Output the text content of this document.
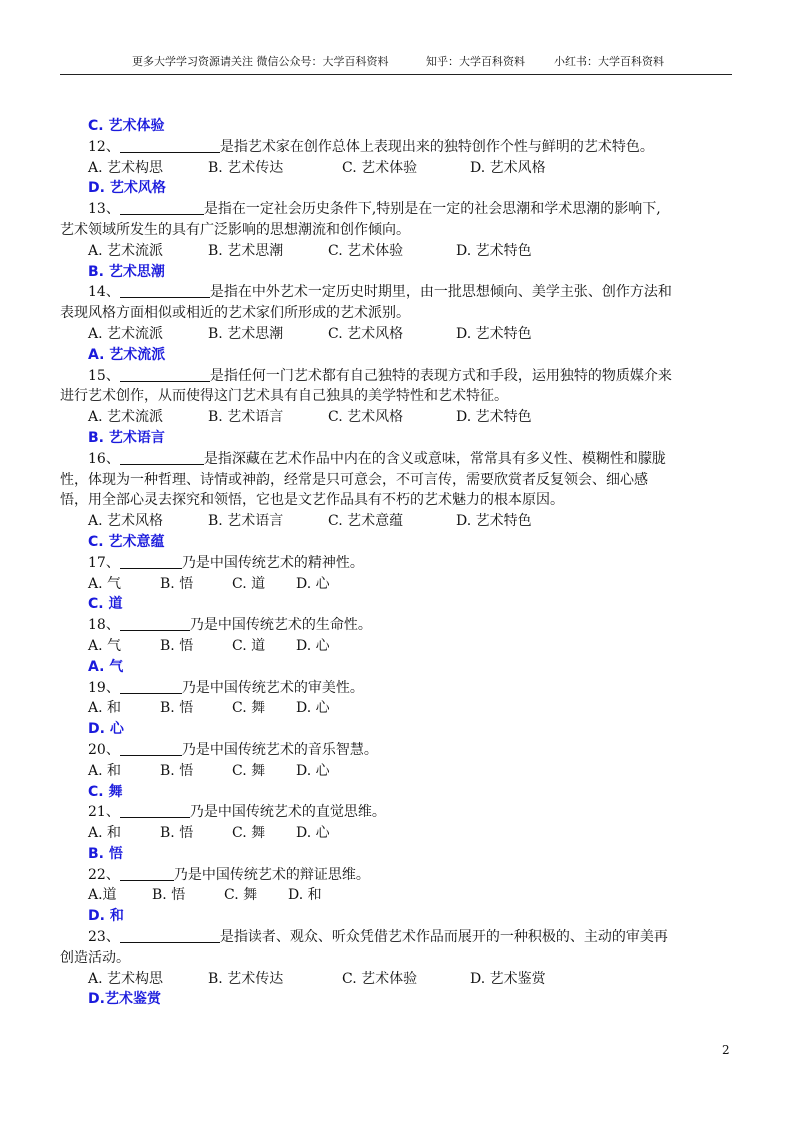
更多大学学习资源请关注 微信公众号：大学百科资料	知乎：大学百科资料	小红书：大学百科资料
C. 艺术体验
12、	是指艺术家在创作总体上表现出来的独特创作个性与鲜明的艺术特色。
A. 艺术构思	B. 艺术传达	C. 艺术体验	D. 艺术风格
D. 艺术风格
13、	是指在一定社会历史条件下,特别是在一定的社会思潮和学术思潮的影响下,
艺术领域所发生的具有广泛影响的思想潮流和创作倾向。
A. 艺术流派	B. 艺术思潮	C. 艺术体验	D. 艺术特色
B. 艺术思潮
14、	是指在中外艺术一定历史时期里，由一批思想倾向、美学主张、创作方法和
表现风格方面相似或相近的艺术家们所形成的艺术派别。
A. 艺术流派	B. 艺术思潮	C. 艺术风格	D. 艺术特色
A. 艺术流派
15、	是指任何一门艺术都有自己独特的表现方式和手段，运用独特的物质媒介来
进行艺术创作，从而使得这门艺术具有自己独具的美学特性和艺术特征。
A. 艺术流派	B. 艺术语言	C. 艺术风格	D. 艺术特色
B. 艺术语言
16、	是指深藏在艺术作品中内在的含义或意味，常常具有多义性、模糊性和朦胧
性，体现为一种哲理、诗情或神韵，经常是只可意会，不可言传，需要欣赏者反复领会、细心感
悟，用全部心灵去探究和领悟，它也是文艺作品具有不朽的艺术魅力的根本原因。
A. 艺术风格	B. 艺术语言	C. 艺术意蕴	D. 艺术特色
C. 艺术意蕴
17、	乃是中国传统艺术的精神性。
A. 气	B. 悟	C. 道 D. 心
C. 道
18、	乃是中国传统艺术的生命性。
A. 气	B. 悟	C. 道 D. 心
A. 气
19、	乃是中国传统艺术的审美性。
A. 和	B. 悟	C. 舞 D. 心
D. 心
20、	乃是中国传统艺术的音乐智慧。
A. 和	B. 悟	C. 舞 D. 心
C. 舞
21、	乃是中国传统艺术的直觉思维。
A. 和	B. 悟	C. 舞 D. 心
B. 悟
22、	乃是中国传统艺术的辩证思维。
A.道	B. 悟	C. 舞 D. 和
D. 和
23、	是指读者、观众、听众凭借艺术作品而展开的一种积极的、主动的审美再
创造活动。
A. 艺术构思	B. 艺术传达	C. 艺术体验	D. 艺术鉴赏
D.艺术鉴赏
2
